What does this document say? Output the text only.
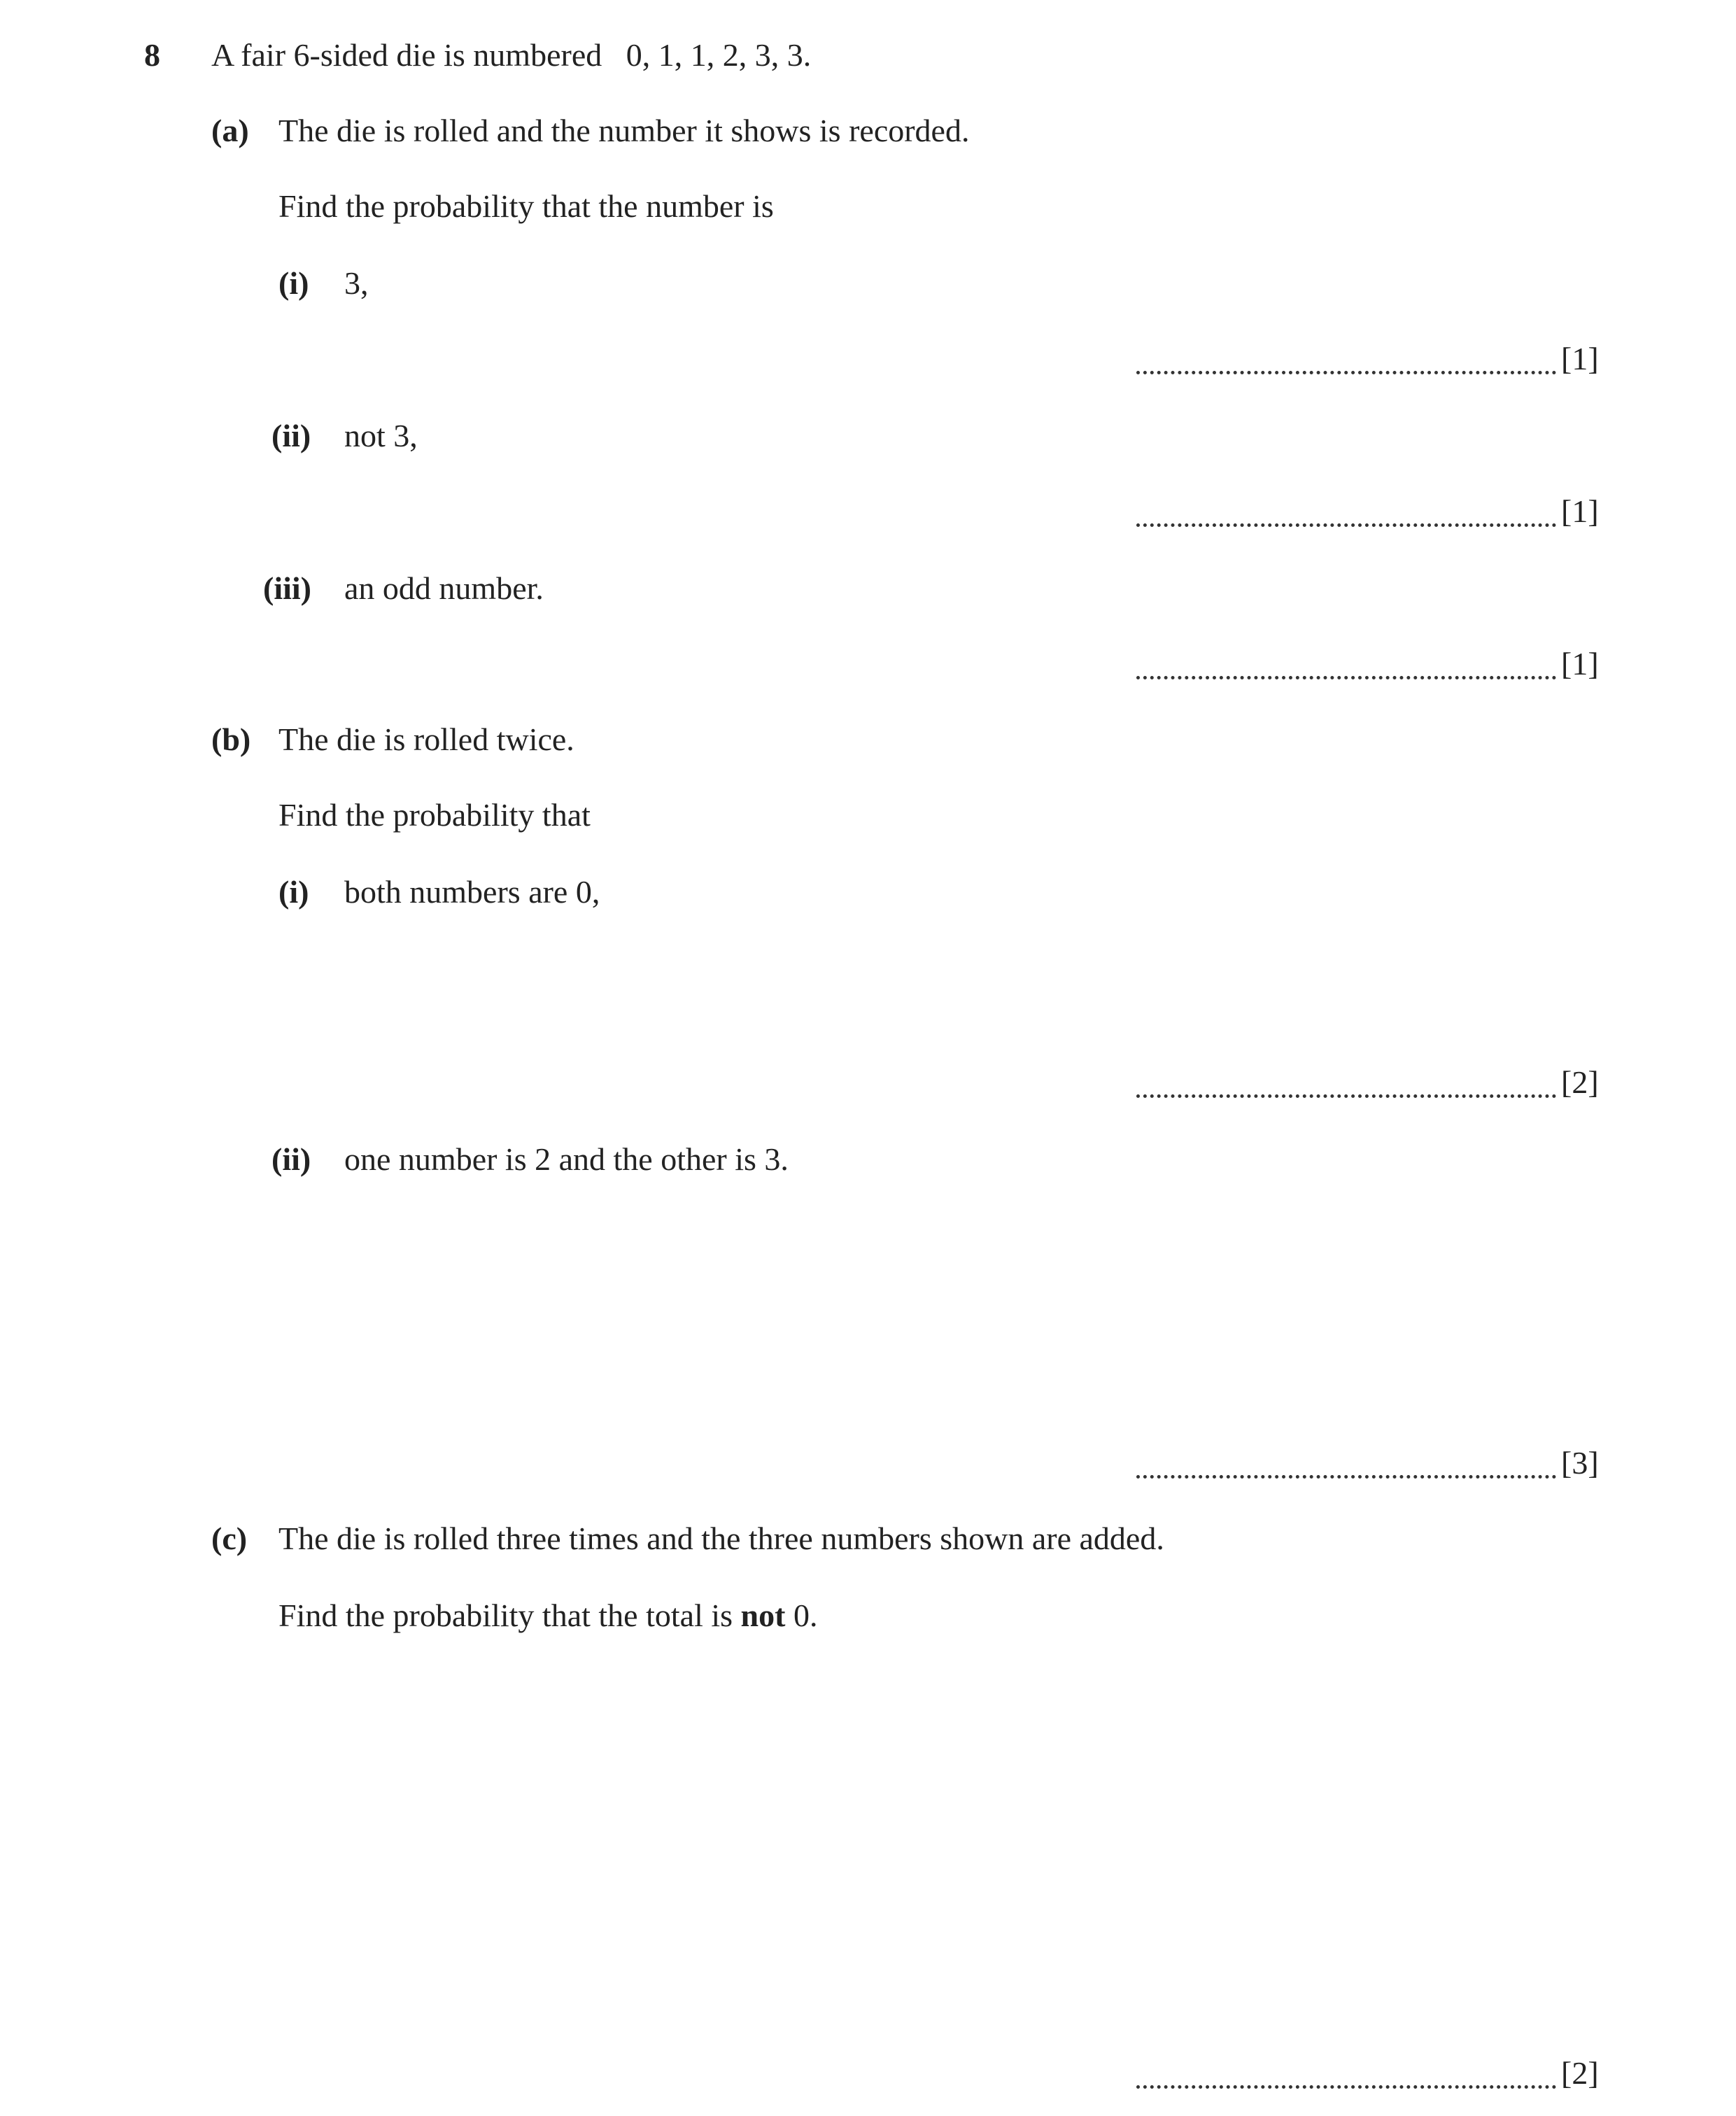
8 A fair 6-sided die is numbered   0, 1, 1, 2, 3, 3.
(a) The die is rolled and the number it shows is recorded.
Find the probability that the number is
(i) 3,
[1]
(ii) not 3,
[1]
(iii) an odd number.
[1]
(b) The die is rolled twice.
Find the probability that
(i) both numbers are 0,
[2]
(ii) one number is 2 and the other is 3.
[3]
(c) The die is rolled three times and the three numbers shown are added.
Find the probability that the total is not 0.
[2]
